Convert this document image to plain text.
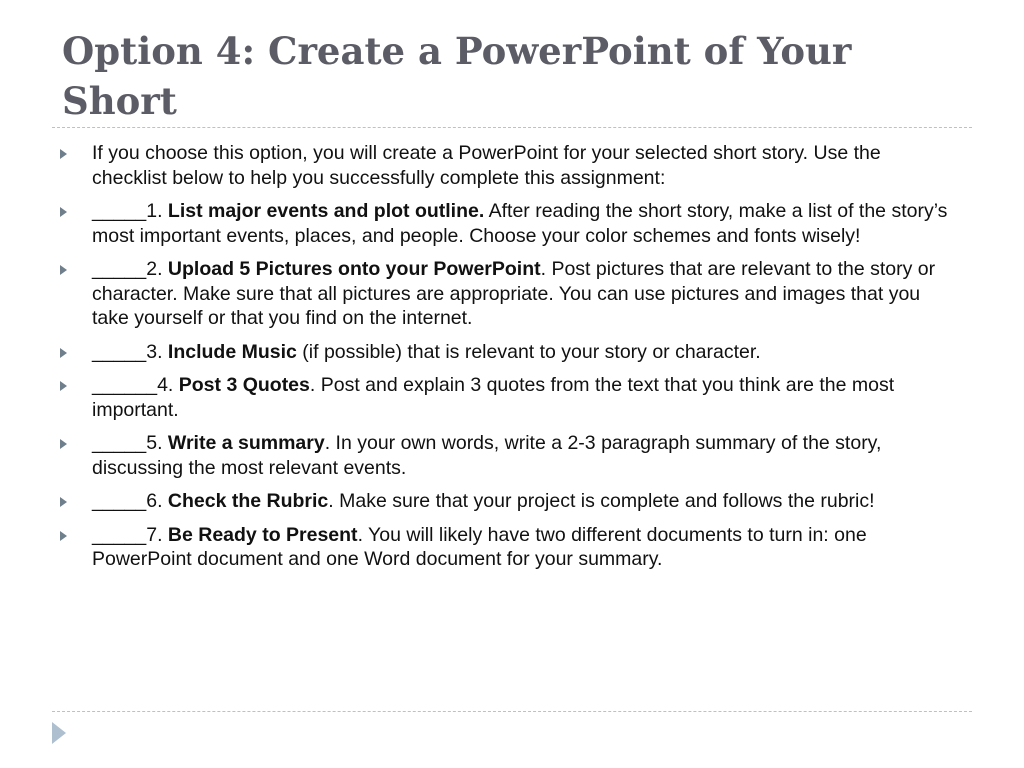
Option 4: Create a PowerPoint of Your Short
If you choose this option, you will create a PowerPoint for your selected short story. Use the checklist below to help you successfully complete this assignment:
_____1. List major events and plot outline. After reading the short story, make a list of the story’s most important events, places, and people. Choose your color schemes and fonts wisely!
_____2. Upload 5 Pictures onto your PowerPoint. Post pictures that are relevant to the story or character. Make sure that all pictures are appropriate. You can use pictures and images that you take yourself or that you find on the internet.
_____3. Include Music (if possible) that is relevant to your story or character.
______4. Post 3 Quotes. Post and explain 3 quotes from the text that you think are the most important.
_____5. Write a summary. In your own words, write a 2-3 paragraph summary of the story, discussing the most relevant events.
_____6. Check the Rubric. Make sure that your project is complete and follows the rubric!
_____7. Be Ready to Present. You will likely have two different documents to turn in: one PowerPoint document and one Word document for your summary.
